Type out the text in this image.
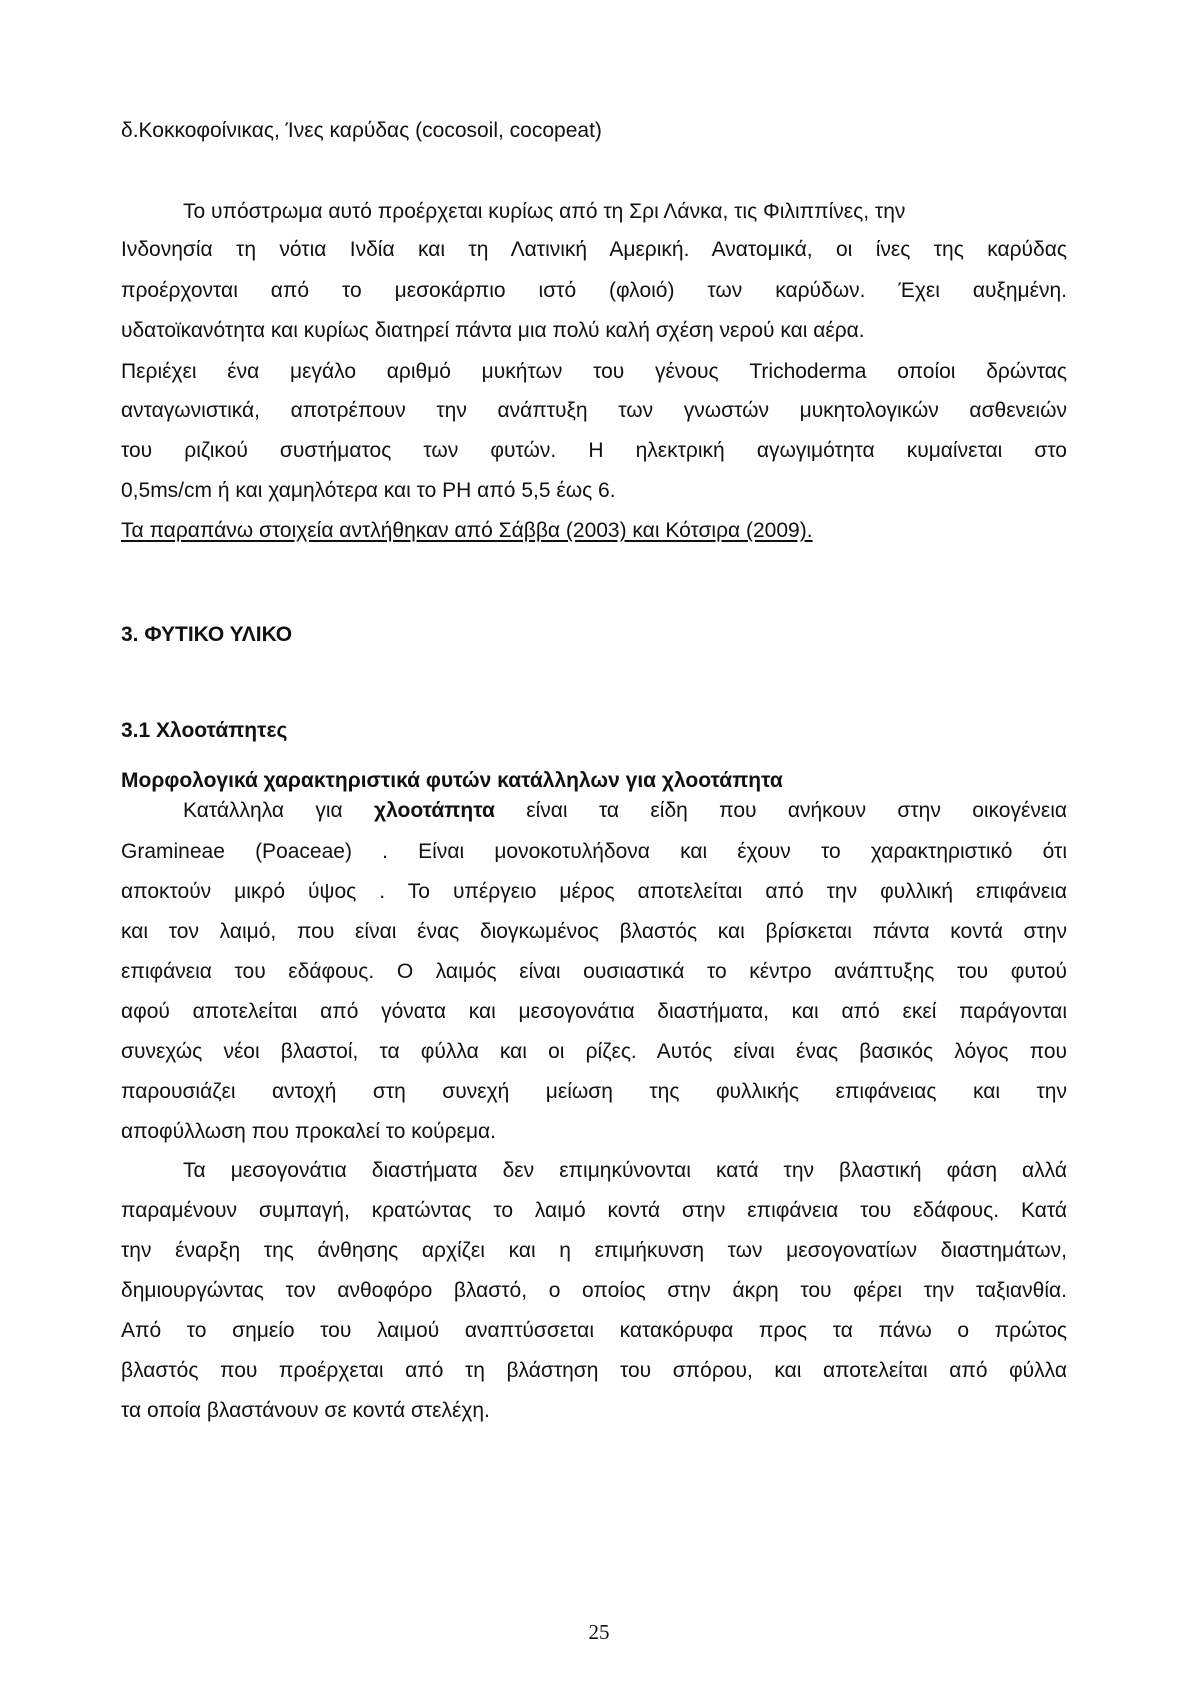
δ.Κοκκοφοίνικας, Ίνες καρύδας (cocosoil, cocopeat)
Το υπόστρωμα αυτό προέρχεται κυρίως από τη Σρι Λάνκα, τις Φιλιππίνες, την
Ινδονησία τη νότια Ινδία και τη Λατινική Αμερική. Ανατομικά, οι ίνες της καρύδας
προέρχονται από το μεσοκάρπιο ιστό (φλοιό) των καρύδων. Έχει αυξημένη.
υδατοϊκανότητα και κυρίως διατηρεί πάντα μια πολύ καλή σχέση νερού και αέρα.
Περιέχει ένα μεγάλο αριθμό μυκήτων του γένους Trichoderma οποίοι δρώντας
ανταγωνιστικά, αποτρέπουν την ανάπτυξη των γνωστών μυκητολογικών ασθενειών
του ριζικού συστήματος των φυτών. Η ηλεκτρική αγωγιμότητα κυμαίνεται στο
0,5ms/cm ή και χαμηλότερα και το PH από 5,5 έως 6.
Τα παραπάνω στοιχεία αντλήθηκαν από Σάββα (2003) και Κότσιρα (2009).
3. ΦΥΤΙΚΟ ΥΛΙΚΟ
3.1 Χλοοτάπητες
Μορφολογικά χαρακτηριστικά φυτών κατάλληλων για χλοοτάπητα
Κατάλληλα για χλοοτάπητα είναι τα είδη που ανήκουν στην οικογένεια
Gramineae (Poaceae) . Είναι μονοκοτυλήδονα και έχουν το χαρακτηριστικό ότι
αποκτούν μικρό ύψος . Το υπέργειο μέρος αποτελείται από την φυλλική επιφάνεια
και τον λαιμό, που είναι ένας διογκωμένος βλαστός και βρίσκεται πάντα κοντά στην
επιφάνεια του εδάφους. Ο λαιμός είναι ουσιαστικά το κέντρο ανάπτυξης του φυτού
αφού αποτελείται από γόνατα και μεσογονάτια διαστήματα, και από εκεί παράγονται
συνεχώς νέοι βλαστοί, τα φύλλα και οι ρίζες. Αυτός είναι ένας βασικός λόγος που
παρουσιάζει αντοχή στη συνεχή μείωση της φυλλικής επιφάνειας και την
αποφύλλωση που προκαλεί το κούρεμα.
Τα μεσογονάτια διαστήματα δεν επιμηκύνονται κατά την βλαστική φάση αλλά
παραμένουν συμπαγή, κρατώντας το λαιμό κοντά στην επιφάνεια του εδάφους. Κατά
την έναρξη της άνθησης αρχίζει και η επιμήκυνση των μεσογονατίων διαστημάτων,
δημιουργώντας τον ανθοφόρο βλαστό, ο οποίος στην άκρη του φέρει την ταξιανθία.
Από το σημείο του λαιμού αναπτύσσεται κατακόρυφα προς τα πάνω ο πρώτος
βλαστός που προέρχεται από τη βλάστηση του σπόρου, και αποτελείται από φύλλα
τα οποία βλαστάνουν σε κοντά στελέχη.
25
